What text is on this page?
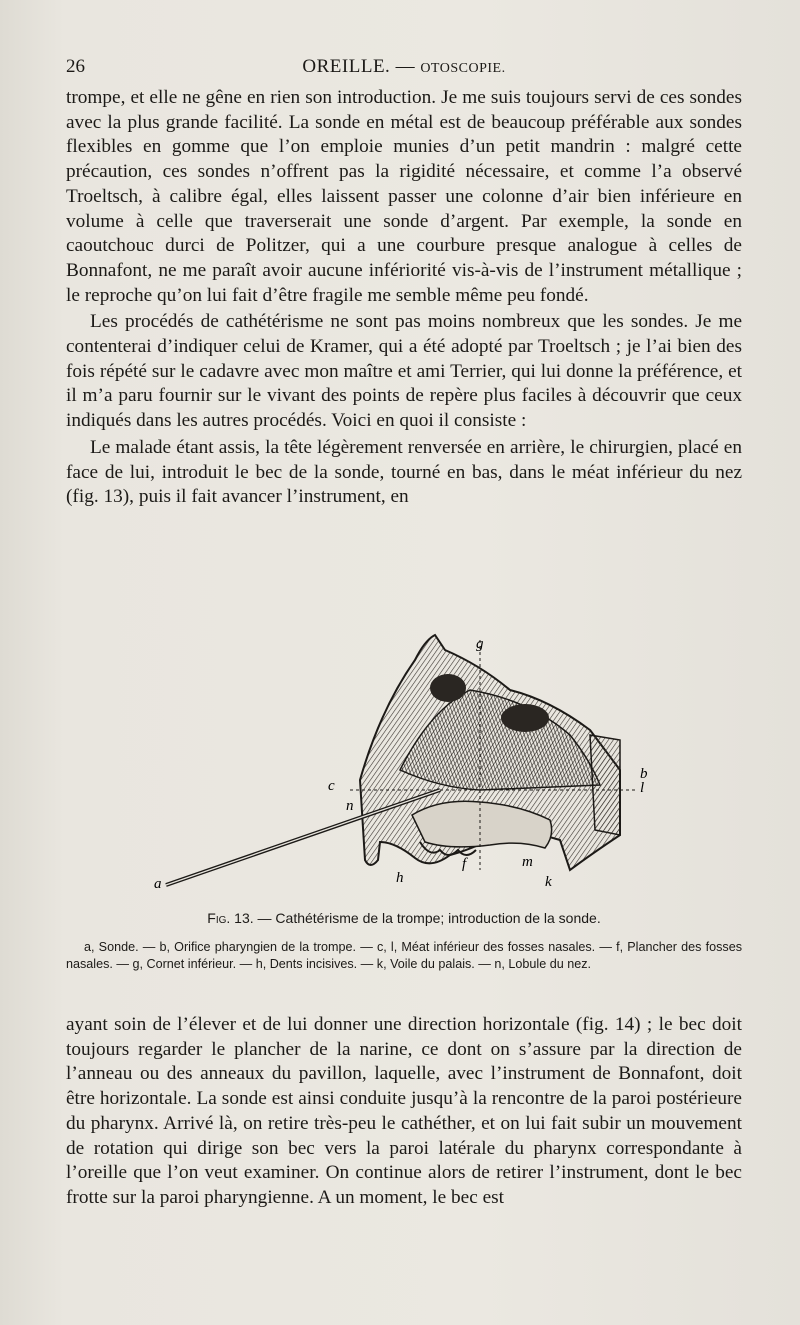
26	OREILLE. — OTOSCOPIE.

trompe, et elle ne gêne en rien son introduction. Je me suis toujours servi de ces sondes avec la plus grande facilité. La sonde en métal est de beaucoup préférable aux sondes flexibles en gomme que l’on emploie munies d’un petit mandrin : malgré cette précaution, ces sondes n’offrent pas la rigidité nécessaire, et comme l’a observé Troeltsch, à calibre égal, elles laissent passer une colonne d’air bien inférieure en volume à celle que traverserait une sonde d’argent. Par exemple, la sonde en caoutchouc durci de Politzer, qui a une courbure presque analogue à celles de Bonnafont, ne me paraît avoir aucune infériorité vis-à-vis de l’instrument métallique ; le reproche qu’on lui fait d’être fragile me semble même peu fondé.

Les procédés de cathétérisme ne sont pas moins nombreux que les sondes. Je me contenterai d’indiquer celui de Kramer, qui a été adopté par Troeltsch ; je l’ai bien des fois répété sur le cadavre avec mon maître et ami Terrier, qui lui donne la préférence, et il m’a paru fournir sur le vivant des points de repère plus faciles à découvrir que ceux indiqués dans les autres procédés. Voici en quoi il consiste :

Le malade étant assis, la tête légèrement renversée en arrière, le chirurgien, placé en face de lui, introduit le bec de la sonde, tourné en bas, dans le méat inférieur du nez (fig. 13), puis il fait avancer l’instrument, en

a
b
c	l
f
g
h	k
m
n
Fig. 13. — Cathétérisme de la trompe; introduction de la sonde.
a, Sonde. — b, Orifice pharyngien de la trompe. — c, l, Méat inférieur des fosses nasales. — f, Plancher des fosses nasales. — g, Cornet inférieur. — h, Dents incisives. — k, Voile du palais. — n, Lobule du nez.

ayant soin de l’élever et de lui donner une direction horizontale (fig. 14) ; le bec doit toujours regarder le plancher de la narine, ce dont on s’assure par la direction de l’anneau ou des anneaux du pavillon, laquelle, avec l’instrument de Bonnafont, doit être horizontale. La sonde est ainsi conduite jusqu’à la rencontre de la paroi postérieure du pharynx. Arrivé là, on retire très-peu le cathéther, et on lui fait subir un mouvement de rotation qui dirige son bec vers la paroi latérale du pharynx correspondante à l’oreille que l’on veut examiner. On continue alors de retirer l’instrument, dont le bec frotte sur la paroi pharyngienne. A un moment, le bec est
